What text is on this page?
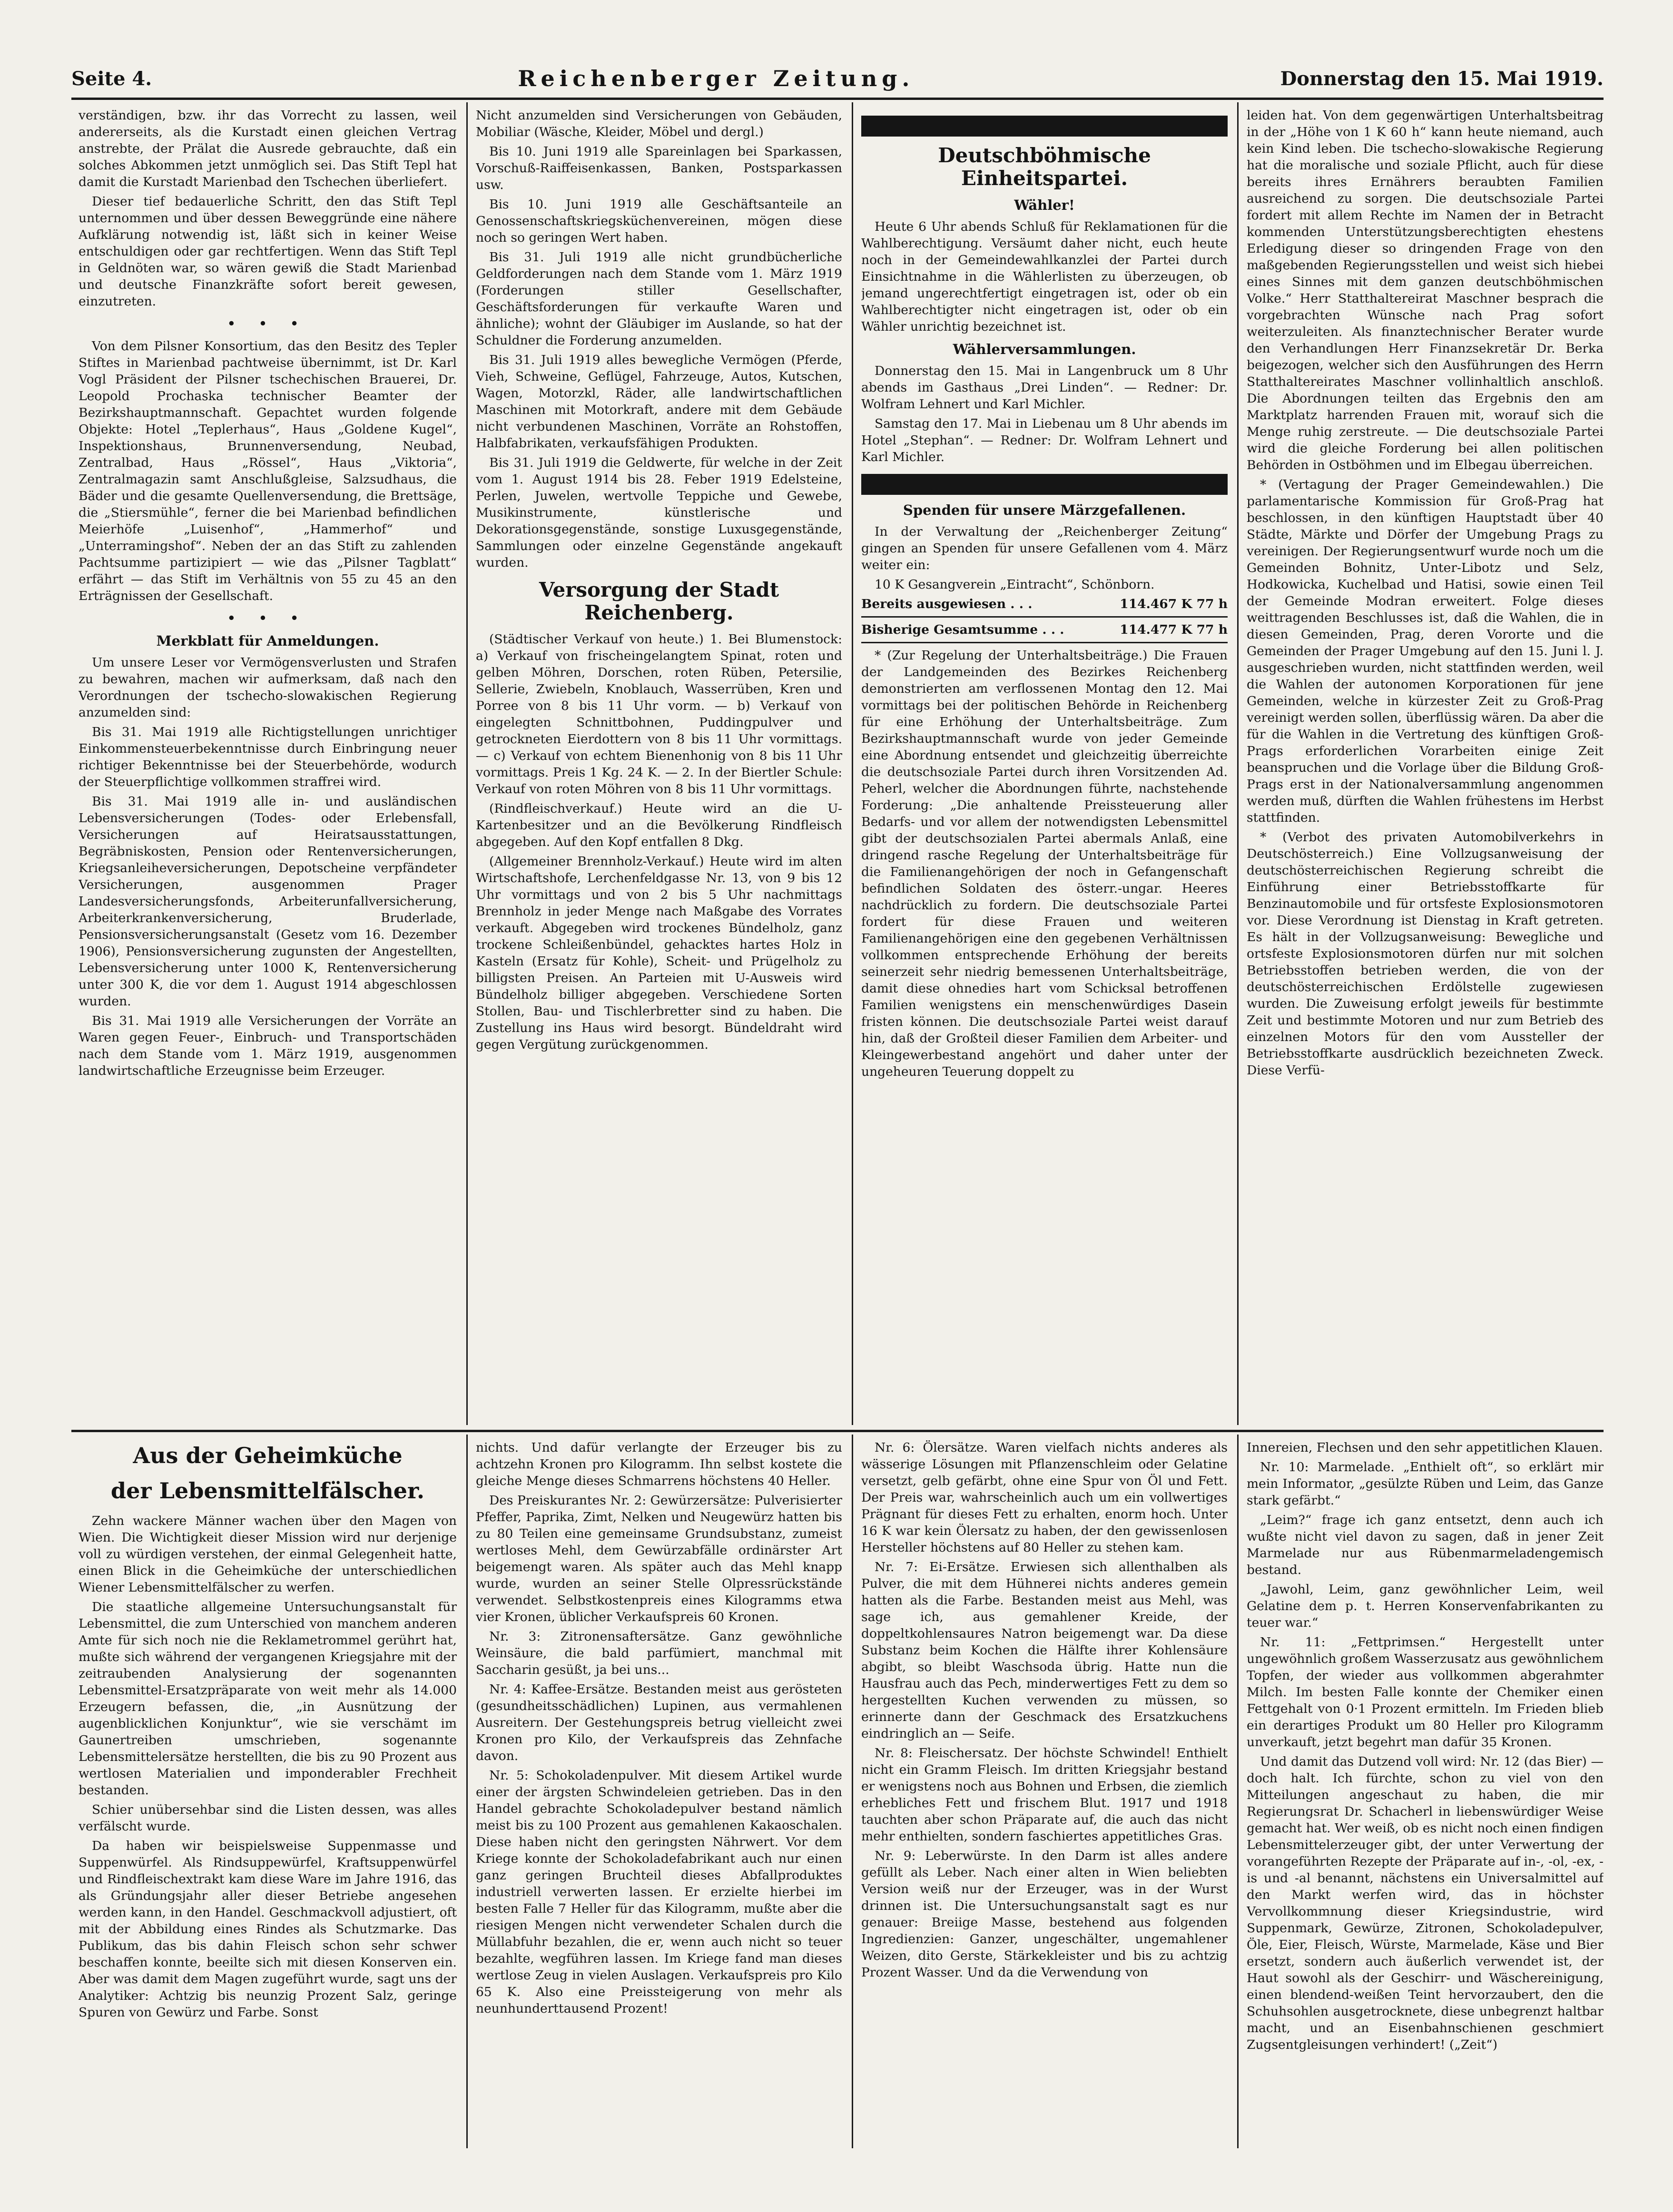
Seite 4.	Reichenberger Zeitung.	Donnerstag den 15. Mai 1919.

verständigen, bzw. ihr das Vorrecht zu lassen, weil andererseits, als die Kurstadt einen gleichen Vertrag anstrebte, der Prälat die Ausrede gebrauchte, daß ein solches Abkommen jetzt unmöglich sei. Das Stift Tepl hat damit die Kurstadt Marienbad den Tschechen überliefert.

Dieser tief bedauerliche Schritt, den das Stift Tepl unternommen und über dessen Beweggründe eine nähere Aufklärung notwendig ist, läßt sich in keiner Weise entschuldigen oder gar rechtfertigen. Wenn das Stift Tepl in Geldnöten war, so wären gewiß die Stadt Marienbad und deutsche Finanzkräfte sofort bereit gewesen, einzutreten.

• • •

Von dem Pilsner Konsortium, das den Besitz des Tepler Stiftes in Marienbad pachtweise übernimmt, ist Dr. Karl Vogl Präsident der Pilsner tschechischen Brauerei, Dr. Leopold Prochaska technischer Beamter der Bezirkshauptmannschaft. Gepachtet wurden folgende Objekte: Hotel „Teplerhaus“, Haus „Goldene Kugel“, Inspektionshaus, Brunnenversendung, Neubad, Zentralbad, Haus „Rössel“, Haus „Viktoria“, Zentralmagazin samt Anschlußgleise, Salzsudhaus, die Bäder und die gesamte Quellenversendung, die Brettsäge, die „Stiersmühle“, ferner die bei Marienbad befindlichen Meierhöfe „Luisenhof“, „Hammerhof“ und „Unterramingshof“. Neben der an das Stift zu zahlenden Pachtsumme partizipiert — wie das „Pilsner Tagblatt“ erfährt — das Stift im Verhältnis von 55 zu 45 an den Erträgnissen der Gesellschaft.

• • •
Merkblatt für Anmeldungen.

Um unsere Leser vor Vermögensverlusten und Strafen zu bewahren, machen wir aufmerksam, daß nach den Verordnungen der tschecho-slowakischen Regierung anzumelden sind:

Bis 31. Mai 1919 alle Richtigstellungen unrichtiger Einkommensteuerbekenntnisse durch Einbringung neuer richtiger Bekenntnisse bei der Steuerbehörde, wodurch der Steuerpflichtige vollkommen straffrei wird.

Bis 31. Mai 1919 alle in- und ausländischen Lebensversicherungen (Todes- oder Erlebensfall, Versicherungen auf Heiratsausstattungen, Begräbniskosten, Pension oder Rentenversicherungen, Kriegsanleiheversicherungen, Depotscheine verpfändeter Versicherungen, ausgenommen Prager Landesversicherungsfonds, Arbeiterunfallversicherung, Arbeiterkrankenversicherung, Bruderlade, Pensionsversicherungsanstalt (Gesetz vom 16. Dezember 1906), Pensionsversicherung zugunsten der Angestellten, Lebensversicherung unter 1000 K, Rentenversicherung unter 300 K, die vor dem 1. August 1914 abgeschlossen wurden.

Bis 31. Mai 1919 alle Versicherungen der Vorräte an Waren gegen Feuer-, Einbruch- und Transportschäden nach dem Stande vom 1. März 1919, ausgenommen landwirtschaftliche Erzeugnisse beim Erzeuger.

Nicht anzumelden sind Versicherungen von Gebäuden, Mobiliar (Wäsche, Kleider, Möbel und dergl.)

Bis 10. Juni 1919 alle Spareinlagen bei Sparkassen, Vorschuß-Raiffeisenkassen, Banken, Postsparkassen usw.

Bis 10. Juni 1919 alle Geschäftsanteile an Genossenschaftskriegsküchenvereinen, mögen diese noch so geringen Wert haben.

Bis 31. Juli 1919 alle nicht grundbücherliche Geldforderungen nach dem Stande vom 1. März 1919 (Forderungen stiller Gesellschafter, Geschäftsforderungen für verkaufte Waren und ähnliche); wohnt der Gläubiger im Auslande, so hat der Schuldner die Forderung anzumelden.

Bis 31. Juli 1919 alles bewegliche Vermögen (Pferde, Vieh, Schweine, Geflügel, Fahrzeuge, Autos, Kutschen, Wagen, Motorzkl, Räder, alle landwirtschaftlichen Maschinen mit Motorkraft, andere mit dem Gebäude nicht verbundenen Maschinen, Vorräte an Rohstoffen, Halbfabrikaten, verkaufsfähigen Produkten.

Bis 31. Juli 1919 die Geldwerte, für welche in der Zeit vom 1. August 1914 bis 28. Feber 1919 Edelsteine, Perlen, Juwelen, wertvolle Teppiche und Gewebe, Musikinstrumente, künstlerische und Dekorationsgegenstände, sonstige Luxusgegenstände, Sammlungen oder einzelne Gegenstände angekauft wurden.

Versorgung der Stadt Reichenberg.

(Städtischer Verkauf von heute.) 1. Bei Blumenstock: a) Verkauf von frischeingelangtem Spinat, roten und gelben Möhren, Dorschen, roten Rüben, Petersilie, Sellerie, Zwiebeln, Knoblauch, Wasserrüben, Kren und Porree von 8 bis 11 Uhr vorm. — b) Verkauf von eingelegten Schnittbohnen, Puddingpulver und getrockneten Eierdottern von 8 bis 11 Uhr vormittags. — c) Verkauf von echtem Bienenhonig von 8 bis 11 Uhr vormittags. Preis 1 Kg. 24 K. — 2. In der Biertler Schule: Verkauf von roten Möhren von 8 bis 11 Uhr vormittags.

(Rindfleischverkauf.) Heute wird an die U-Kartenbesitzer und an die Bevölkerung Rindfleisch abgegeben. Auf den Kopf entfallen 8 Dkg.

(Allgemeiner Brennholz-Verkauf.) Heute wird im alten Wirtschaftshofe, Lerchenfeldgasse Nr. 13, von 9 bis 12 Uhr vormittags und von 2 bis 5 Uhr nachmittags Brennholz in jeder Menge nach Maßgabe des Vorrates verkauft. Abgegeben wird trockenes Bündelholz, ganz trockene Schleißenbündel, gehacktes hartes Holz in Kasteln (Ersatz für Kohle), Scheit- und Prügelholz zu billigsten Preisen. An Parteien mit U-Ausweis wird Bündelholz billiger abgegeben. Verschiedene Sorten Stollen, Bau- und Tischlerbretter sind zu haben. Die Zustellung ins Haus wird besorgt. Bündeldraht wird gegen Vergütung zurückgenommen.

Deutschböhmische Einheitspartei.
Wähler!

Heute 6 Uhr abends Schluß für Reklamationen für die Wahlberechtigung. Versäumt daher nicht, euch heute noch in der Gemeindewahlkanzlei der Partei durch Einsichtnahme in die Wählerlisten zu überzeugen, ob jemand ungerechtfertigt eingetragen ist, oder ob ein Wahlberechtigter nicht eingetragen ist, oder ob ein Wähler unrichtig bezeichnet ist.

Wählerversammlungen.

Donnerstag den 15. Mai in Langenbruck um 8 Uhr abends im Gasthaus „Drei Linden“. — Redner: Dr. Wolfram Lehnert und Karl Michler.

Samstag den 17. Mai in Liebenau um 8 Uhr abends im Hotel „Stephan“. — Redner: Dr. Wolfram Lehnert und Karl Michler.

Spenden für unsere Märzgefallenen.

In der Verwaltung der „Reichenberger Zeitung“ gingen an Spenden für unsere Gefallenen vom 4. März weiter ein:

10 K Gesangverein „Eintracht“, Schönborn.

Bereits ausgewiesen . . .	114.467 K 77 h
Bisherige Gesamtsumme . . .	114.477 K 77 h

* (Zur Regelung der Unterhaltsbeiträge.) Die Frauen der Landgemeinden des Bezirkes Reichenberg demonstrierten am verflossenen Montag den 12. Mai vormittags bei der politischen Behörde in Reichenberg für eine Erhöhung der Unterhaltsbeiträge. Zum Bezirkshauptmannschaft wurde von jeder Gemeinde eine Abordnung entsendet und gleichzeitig überreichte die deutschsoziale Partei durch ihren Vorsitzenden Ad. Peherl, welcher die Abordnungen führte, nachstehende Forderung: „Die anhaltende Preissteuerung aller Bedarfs- und vor allem der notwendigsten Lebensmittel gibt der deutschsozialen Partei abermals Anlaß, eine dringend rasche Regelung der Unterhaltsbeiträge für die Familienangehörigen der noch in Gefangenschaft befindlichen Soldaten des österr.-ungar. Heeres nachdrücklich zu fordern. Die deutschsoziale Partei fordert für diese Frauen und weiteren Familienangehörigen eine den gegebenen Verhältnissen vollkommen entsprechende Erhöhung der bereits seinerzeit sehr niedrig bemessenen Unterhaltsbeiträge, damit diese ohnedies hart vom Schicksal betroffenen Familien wenigstens ein menschenwürdiges Dasein fristen können. Die deutschsoziale Partei weist darauf hin, daß der Großteil dieser Familien dem Arbeiter- und Kleingewerbestand angehört und daher unter der ungeheuren Teuerung doppelt zu

leiden hat. Von dem gegenwärtigen Unterhaltsbeitrag in der „Höhe von 1 K 60 h“ kann heute niemand, auch kein Kind leben. Die tschecho-slowakische Regierung hat die moralische und soziale Pflicht, auch für diese bereits ihres Ernährers beraubten Familien ausreichend zu sorgen. Die deutschsoziale Partei fordert mit allem Rechte im Namen der in Betracht kommenden Unterstützungsberechtigten ehestens Erledigung dieser so dringenden Frage von den maßgebenden Regierungsstellen und weist sich hiebei eines Sinnes mit dem ganzen deutschböhmischen Volke.“ Herr Statthaltereirat Maschner besprach die vorgebrachten Wünsche nach Prag sofort weiterzuleiten. Als finanztechnischer Berater wurde den Verhandlungen Herr Finanzsekretär Dr. Berka beigezogen, welcher sich den Ausführungen des Herrn Statthaltereirates Maschner vollinhaltlich anschloß. Die Abordnungen teilten das Ergebnis den am Marktplatz harrenden Frauen mit, worauf sich die Menge ruhig zerstreute. — Die deutschsoziale Partei wird die gleiche Forderung bei allen politischen Behörden in Ostböhmen und im Elbegau überreichen.

* (Vertagung der Prager Gemeindewahlen.) Die parlamentarische Kommission für Groß-Prag hat beschlossen, in den künftigen Hauptstadt über 40 Städte, Märkte und Dörfer der Umgebung Prags zu vereinigen. Der Regierungsentwurf wurde noch um die Gemeinden Bohnitz, Unter-Libotz und Selz, Hodkowicka, Kuchelbad und Hatisi, sowie einen Teil der Gemeinde Modran erweitert. Folge dieses weittragenden Beschlusses ist, daß die Wahlen, die in diesen Gemeinden, Prag, deren Vororte und die Gemeinden der Prager Umgebung auf den 15. Juni l. J. ausgeschrieben wurden, nicht stattfinden werden, weil die Wahlen der autonomen Korporationen für jene Gemeinden, welche in kürzester Zeit zu Groß-Prag vereinigt werden sollen, überflüssig wären. Da aber die für die Wahlen in die Vertretung des künftigen Groß-Prags erforderlichen Vorarbeiten einige Zeit beanspruchen und die Vorlage über die Bildung Groß-Prags erst in der Nationalversammlung angenommen werden muß, dürften die Wahlen frühestens im Herbst stattfinden.

* (Verbot des privaten Automobilverkehrs in Deutschösterreich.) Eine Vollzugsanweisung der deutschösterreichischen Regierung schreibt die Einführung einer Betriebsstoffkarte für Benzinautomobile und für ortsfeste Explosionsmotoren vor. Diese Verordnung ist Dienstag in Kraft getreten. Es hält in der Vollzugsanweisung: Bewegliche und ortsfeste Explosionsmotoren dürfen nur mit solchen Betriebsstoffen betrieben werden, die von der deutschösterreichischen Erdölstelle zugewiesen wurden. Die Zuweisung erfolgt jeweils für bestimmte Zeit und bestimmte Motoren und nur zum Betrieb des einzelnen Motors für den vom Aussteller der Betriebsstoffkarte ausdrücklich bezeichneten Zweck. Diese Verfü-

Aus der Geheimküche
der Lebensmittelfälscher.

Zehn wackere Männer wachen über den Magen von Wien. Die Wichtigkeit dieser Mission wird nur derjenige voll zu würdigen verstehen, der einmal Gelegenheit hatte, einen Blick in die Geheimküche der unterschiedlichen Wiener Lebensmittelfälscher zu werfen.

Die staatliche allgemeine Untersuchungsanstalt für Lebensmittel, die zum Unterschied von manchem anderen Amte für sich noch nie die Reklametrommel gerührt hat, mußte sich während der vergangenen Kriegsjahre mit der zeitraubenden Analysierung der sogenannten Lebensmittel-Ersatzpräparate von weit mehr als 14.000 Erzeugern befassen, die, „in Ausnützung der augenblicklichen Konjunktur“, wie sie verschämt im Gaunertreiben umschrieben, sogenannte Lebensmittelersätze herstellten, die bis zu 90 Prozent aus wertlosen Materialien und imponderabler Frechheit bestanden.

Schier unübersehbar sind die Listen dessen, was alles verfälscht wurde.

Da haben wir beispielsweise Suppenmasse und Suppenwürfel. Als Rindsuppewürfel, Kraftsuppenwürfel und Rindfleischextrakt kam diese Ware im Jahre 1916, das als Gründungsjahr aller dieser Betriebe angesehen werden kann, in den Handel. Geschmackvoll adjustiert, oft mit der Abbildung eines Rindes als Schutzmarke. Das Publikum, das bis dahin Fleisch schon sehr schwer beschaffen konnte, beeilte sich mit diesen Konserven ein. Aber was damit dem Magen zugeführt wurde, sagt uns der Analytiker: Achtzig bis neunzig Prozent Salz, geringe Spuren von Gewürz und Farbe. Sonst

nichts. Und dafür verlangte der Erzeuger bis zu achtzehn Kronen pro Kilogramm. Ihn selbst kostete die gleiche Menge dieses Schmarrens höchstens 40 Heller.

Des Preiskurantes Nr. 2: Gewürzersätze: Pulverisierter Pfeffer, Paprika, Zimt, Nelken und Neugewürz hatten bis zu 80 Teilen eine gemeinsame Grundsubstanz, zumeist wertloses Mehl, dem Gewürzabfälle ordinärster Art beigemengt waren. Als später auch das Mehl knapp wurde, wurden an seiner Stelle Olpressrückstände verwendet. Selbstkostenpreis eines Kilogramms etwa vier Kronen, üblicher Verkaufspreis 60 Kronen.

Nr. 3: Zitronensaftersätze. Ganz gewöhnliche Weinsäure, die bald parfümiert, manchmal mit Saccharin gesüßt, ja bei uns...

Nr. 4: Kaffee-Ersätze. Bestanden meist aus gerösteten (gesundheitsschädlichen) Lupinen, aus vermahlenen Ausreitern. Der Gestehungspreis betrug vielleicht zwei Kronen pro Kilo, der Verkaufspreis das Zehnfache davon.

Nr. 5: Schokoladenpulver. Mit diesem Artikel wurde einer der ärgsten Schwindeleien getrieben. Das in den Handel gebrachte Schokoladepulver bestand nämlich meist bis zu 100 Prozent aus gemahlenen Kakaoschalen. Diese haben nicht den geringsten Nährwert. Vor dem Kriege konnte der Schokoladefabrikant auch nur einen ganz geringen Bruchteil dieses Abfallproduktes industriell verwerten lassen. Er erzielte hierbei im besten Falle 7 Heller für das Kilogramm, mußte aber die riesigen Mengen nicht verwendeter Schalen durch die Müllabfuhr bezahlen, die er, wenn auch nicht so teuer bezahlte, wegführen lassen. Im Kriege fand man dieses wertlose Zeug in vielen Auslagen. Verkaufspreis pro Kilo 65 K. Also eine Preissteigerung von mehr als neunhunderttausend Prozent!

Nr. 6: Ölersätze. Waren vielfach nichts anderes als wässerige Lösungen mit Pflanzenschleim oder Gelatine versetzt, gelb gefärbt, ohne eine Spur von Öl und Fett. Der Preis war, wahrscheinlich auch um ein vollwertiges Prägnant für dieses Fett zu erhalten, enorm hoch. Unter 16 K war kein Ölersatz zu haben, der den gewissenlosen Hersteller höchstens auf 80 Heller zu stehen kam.

Nr. 7: Ei-Ersätze. Erwiesen sich allenthalben als Pulver, die mit dem Hühnerei nichts anderes gemein hatten als die Farbe. Bestanden meist aus Mehl, was sage ich, aus gemahlener Kreide, der doppeltkohlensaures Natron beigemengt war. Da diese Substanz beim Kochen die Hälfte ihrer Kohlensäure abgibt, so bleibt Waschsoda übrig. Hatte nun die Hausfrau auch das Pech, minderwertiges Fett zu dem so hergestellten Kuchen verwenden zu müssen, so erinnerte dann der Geschmack des Ersatzkuchens eindringlich an — Seife.

Nr. 8: Fleischersatz. Der höchste Schwindel! Enthielt nicht ein Gramm Fleisch. Im dritten Kriegsjahr bestand er wenigstens noch aus Bohnen und Erbsen, die ziemlich erhebliches Fett und frischem Blut. 1917 und 1918 tauchten aber schon Präparate auf, die auch das nicht mehr enthielten, sondern faschiertes appetitliches Gras.

Nr. 9: Leberwürste. In den Darm ist alles andere gefüllt als Leber. Nach einer alten in Wien beliebten Version weiß nur der Erzeuger, was in der Wurst drinnen ist. Die Untersuchungsanstalt sagt es nur genauer: Breiige Masse, bestehend aus folgenden Ingredienzien: Ganzer, ungeschälter, ungemahlener Weizen, dito Gerste, Stärkekleister und bis zu achtzig Prozent Wasser. Und da die Verwendung von

Innereien, Flechsen und den sehr appetitlichen Klauen.

Nr. 10: Marmelade. „Enthielt oft“, so erklärt mir mein Informator, „gesülzte Rüben und Leim, das Ganze stark gefärbt.“

„Leim?“ frage ich ganz entsetzt, denn auch ich wußte nicht viel davon zu sagen, daß in jener Zeit Marmelade nur aus Rübenmarmeladengemisch bestand.

„Jawohl, Leim, ganz gewöhnlicher Leim, weil Gelatine dem p. t. Herren Konservenfabrikanten zu teuer war.“

Nr. 11: „Fettprimsen.“ Hergestellt unter ungewöhnlich großem Wasserzusatz aus gewöhnlichem Topfen, der wieder aus vollkommen abgerahmter Milch. Im besten Falle konnte der Chemiker einen Fettgehalt von 0·1 Prozent ermitteln. Im Frieden blieb ein derartiges Produkt um 80 Heller pro Kilogramm unverkauft, jetzt begehrt man dafür 35 Kronen.

Und damit das Dutzend voll wird: Nr. 12 (das Bier) — doch halt. Ich fürchte, schon zu viel von den Mitteilungen angeschaut zu haben, die mir Regierungsrat Dr. Schacherl in liebenswürdiger Weise gemacht hat. Wer weiß, ob es nicht noch einen findigen Lebensmittelerzeuger gibt, der unter Verwertung der vorangeführten Rezepte der Präparate auf in-, -ol, -ex, -is und -al benannt, nächstens ein Universalmittel auf den Markt werfen wird, das in höchster Vervollkommnung dieser Kriegsindustrie, wird Suppenmark, Gewürze, Zitronen, Schokoladepulver, Öle, Eier, Fleisch, Würste, Marmelade, Käse und Bier ersetzt, sondern auch äußerlich verwendet ist, der Haut sowohl als der Geschirr- und Wäschereinigung, einen blendend-weißen Teint hervorzaubert, den die Schuhsohlen ausgetrocknete, diese unbegrenzt haltbar macht, und an Eisenbahnschienen geschmiert Zugsentgleisungen verhindert! („Zeit“)
